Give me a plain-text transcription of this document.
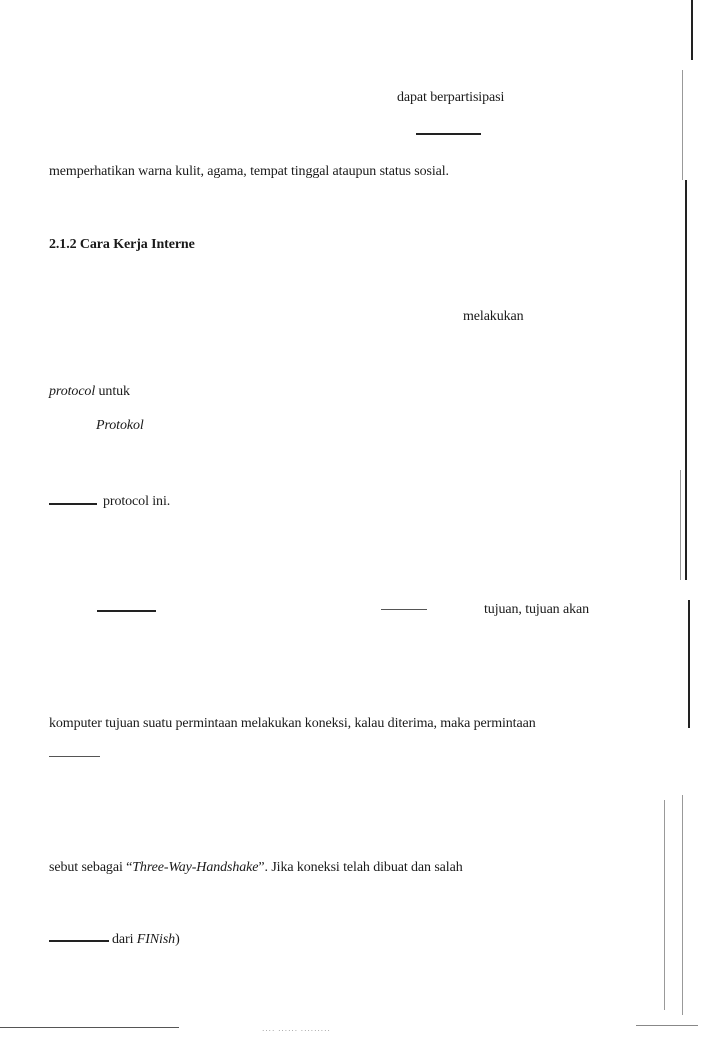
dapat berpartisipasi
memperhatikan warna kulit, agama, tempat tinggal ataupun status sosial.
2.1.2 Cara Kerja Interne
melakukan
protocol untuk
Protokol
protocol ini.
tujuan, tujuan akan
komputer tujuan suatu permintaan melakukan koneksi, kalau diterima, maka permintaan
sebut sebagai “Three-Way-Handshake”. Jika koneksi telah dibuat dan salah
dari FINish)
···· ······ ·········
